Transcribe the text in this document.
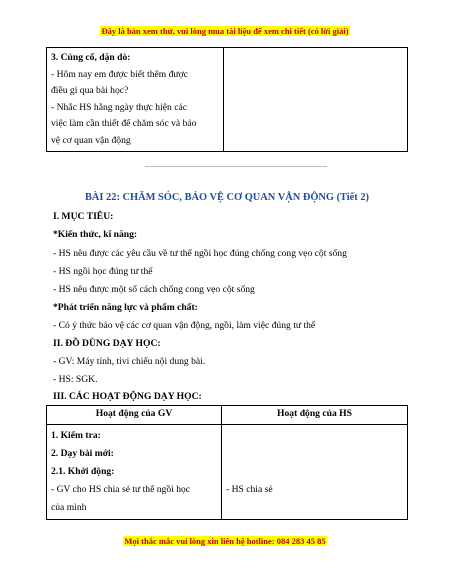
Đây là bản xem thử, vui lòng mua tài liệu để xem chi tiết (có lời giải)
3. Củng cố, dặn dò:
- Hôm nay em được biết thêm được
điều gì qua bài học?
- Nhắc HS hằng ngày thực hiện các
việc làm cần thiết để chăm sóc và bảo
vệ cơ quan vận động

BÀI 22: CHĂM SÓC, BẢO VỆ CƠ QUAN VẬN ĐỘNG (Tiết 2)
I. MỤC TIÊU:
*Kiến thức, kĩ năng:
- HS nêu được các yêu cầu về tư thế ngồi học đúng chống cong vẹo cột sống
- HS ngồi học đúng tư thế
- HS nêu được một số cách chống cong vẹo cột sống
*Phát triển năng lực và phẩm chất:
- Có ý thức bảo vệ các cơ quan vận động, ngồi, làm việc đúng tư thế
II. ĐỒ DÙNG DẠY HỌC:
- GV: Máy tính, tivi chiếu nội dung bài.
- HS: SGK.
III. CÁC HOẠT ĐỘNG DẠY HỌC:
Hoạt động của GV	Hoạt động của HS

1. Kiểm tra:
2. Dạy bài mới:
2.1. Khởi động:
- GV cho HS chia sẻ tư thế ngồi học
của mình	- HS chia sẻ
Mọi thắc mắc vui lòng xin liên hệ hotline: 084 283 45 85
